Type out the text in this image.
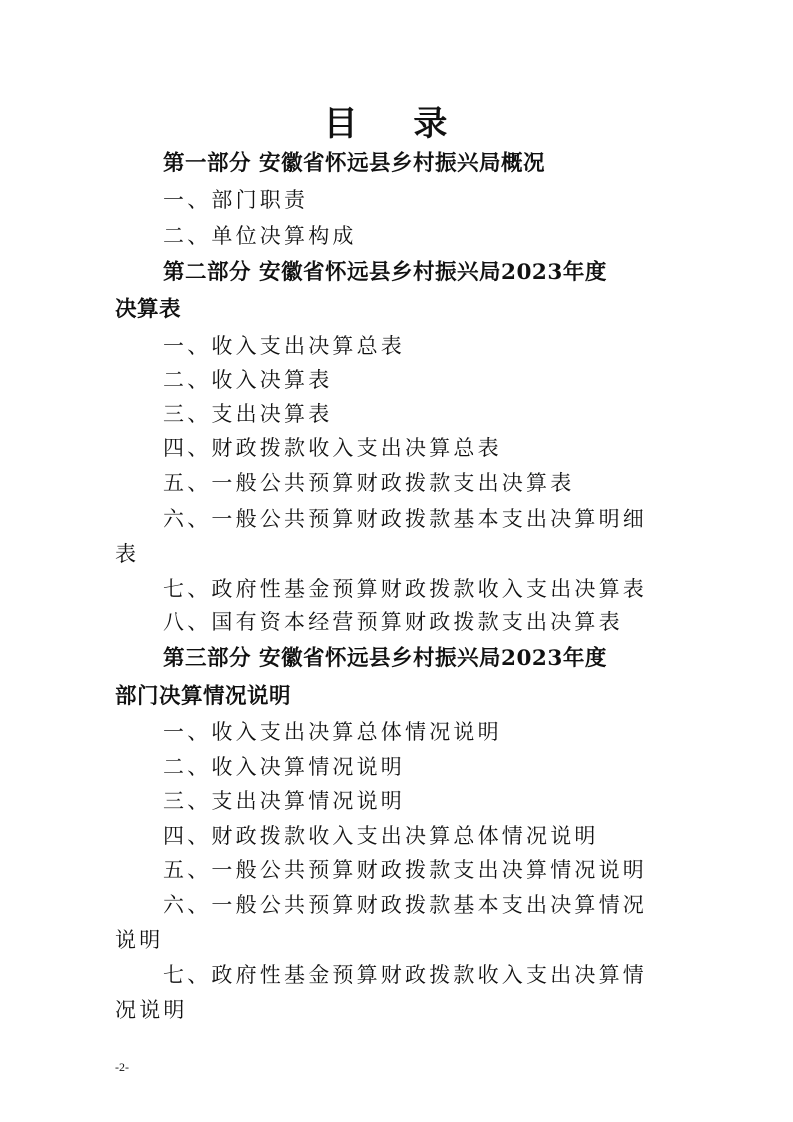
目 录
第一部分 安徽省怀远县乡村振兴局概况
一、部门职责
二、单位决算构成
第二部分 安徽省怀远县乡村振兴局2023年度
决算表
一、收入支出决算总表
二、收入决算表
三、支出决算表
四、财政拨款收入支出决算总表
五、一般公共预算财政拨款支出决算表
六、一般公共预算财政拨款基本支出决算明细
表
七、政府性基金预算财政拨款收入支出决算表
八、国有资本经营预算财政拨款支出决算表
第三部分 安徽省怀远县乡村振兴局2023年度
部门决算情况说明
一、收入支出决算总体情况说明
二、收入决算情况说明
三、支出决算情况说明
四、财政拨款收入支出决算总体情况说明
五、一般公共预算财政拨款支出决算情况说明
六、一般公共预算财政拨款基本支出决算情况
说明
七、政府性基金预算财政拨款收入支出决算情
况说明
-2-
